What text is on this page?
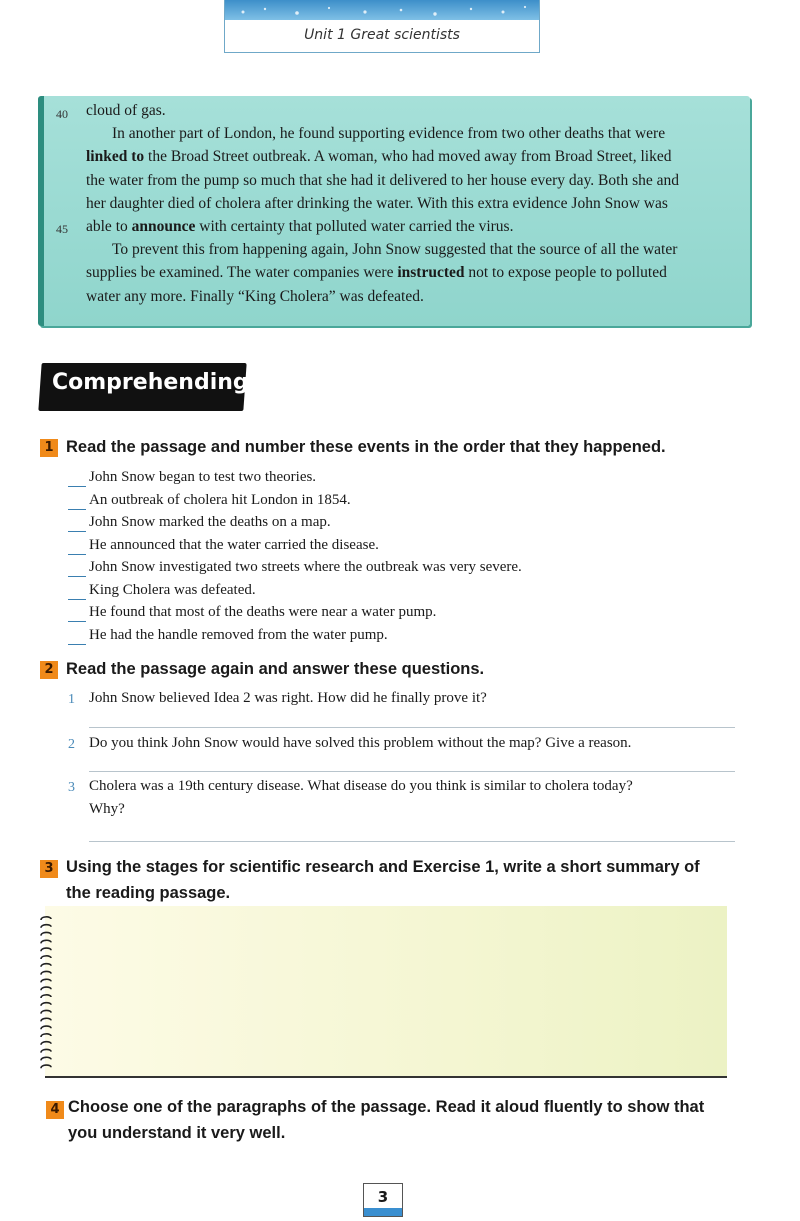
Unit 1 Great scientists
40
45
cloud of gas.
In another part of London, he found supporting evidence from two other deaths that were
linked to the Broad Street outbreak. A woman, who had moved away from Broad Street, liked
the water from the pump so much that she had it delivered to her house every day. Both she and
her daughter died of cholera after drinking the water. With this extra evidence John Snow was
able to announce with certainty that polluted water carried the virus.
To prevent this from happening again, John Snow suggested that the source of all the water
supplies be examined. The water companies were instructed not to expose people to polluted
water any more. Finally “King Cholera” was defeated.
Comprehending
1 Read the passage and number these events in the order that they happened.
John Snow began to test two theories.
An outbreak of cholera hit London in 1854.
John Snow marked the deaths on a map.
He announced that the water carried the disease.
John Snow investigated two streets where the outbreak was very severe.
King Cholera was defeated.
He found that most of the deaths were near a water pump.
He had the handle removed from the water pump.
2 Read the passage again and answer these questions.
1 John Snow believed Idea 2 was right. How did he finally prove it?
2 Do you think John Snow would have solved this problem without the map? Give a reason.
3 Cholera was a 19th century disease. What disease do you think is similar to cholera today?
Why?
3 Using the stages for scientific research and Exercise 1, write a short summary of
the reading passage.
4 Choose one of the paragraphs of the passage. Read it aloud fluently to show that
you understand it very well.
3
